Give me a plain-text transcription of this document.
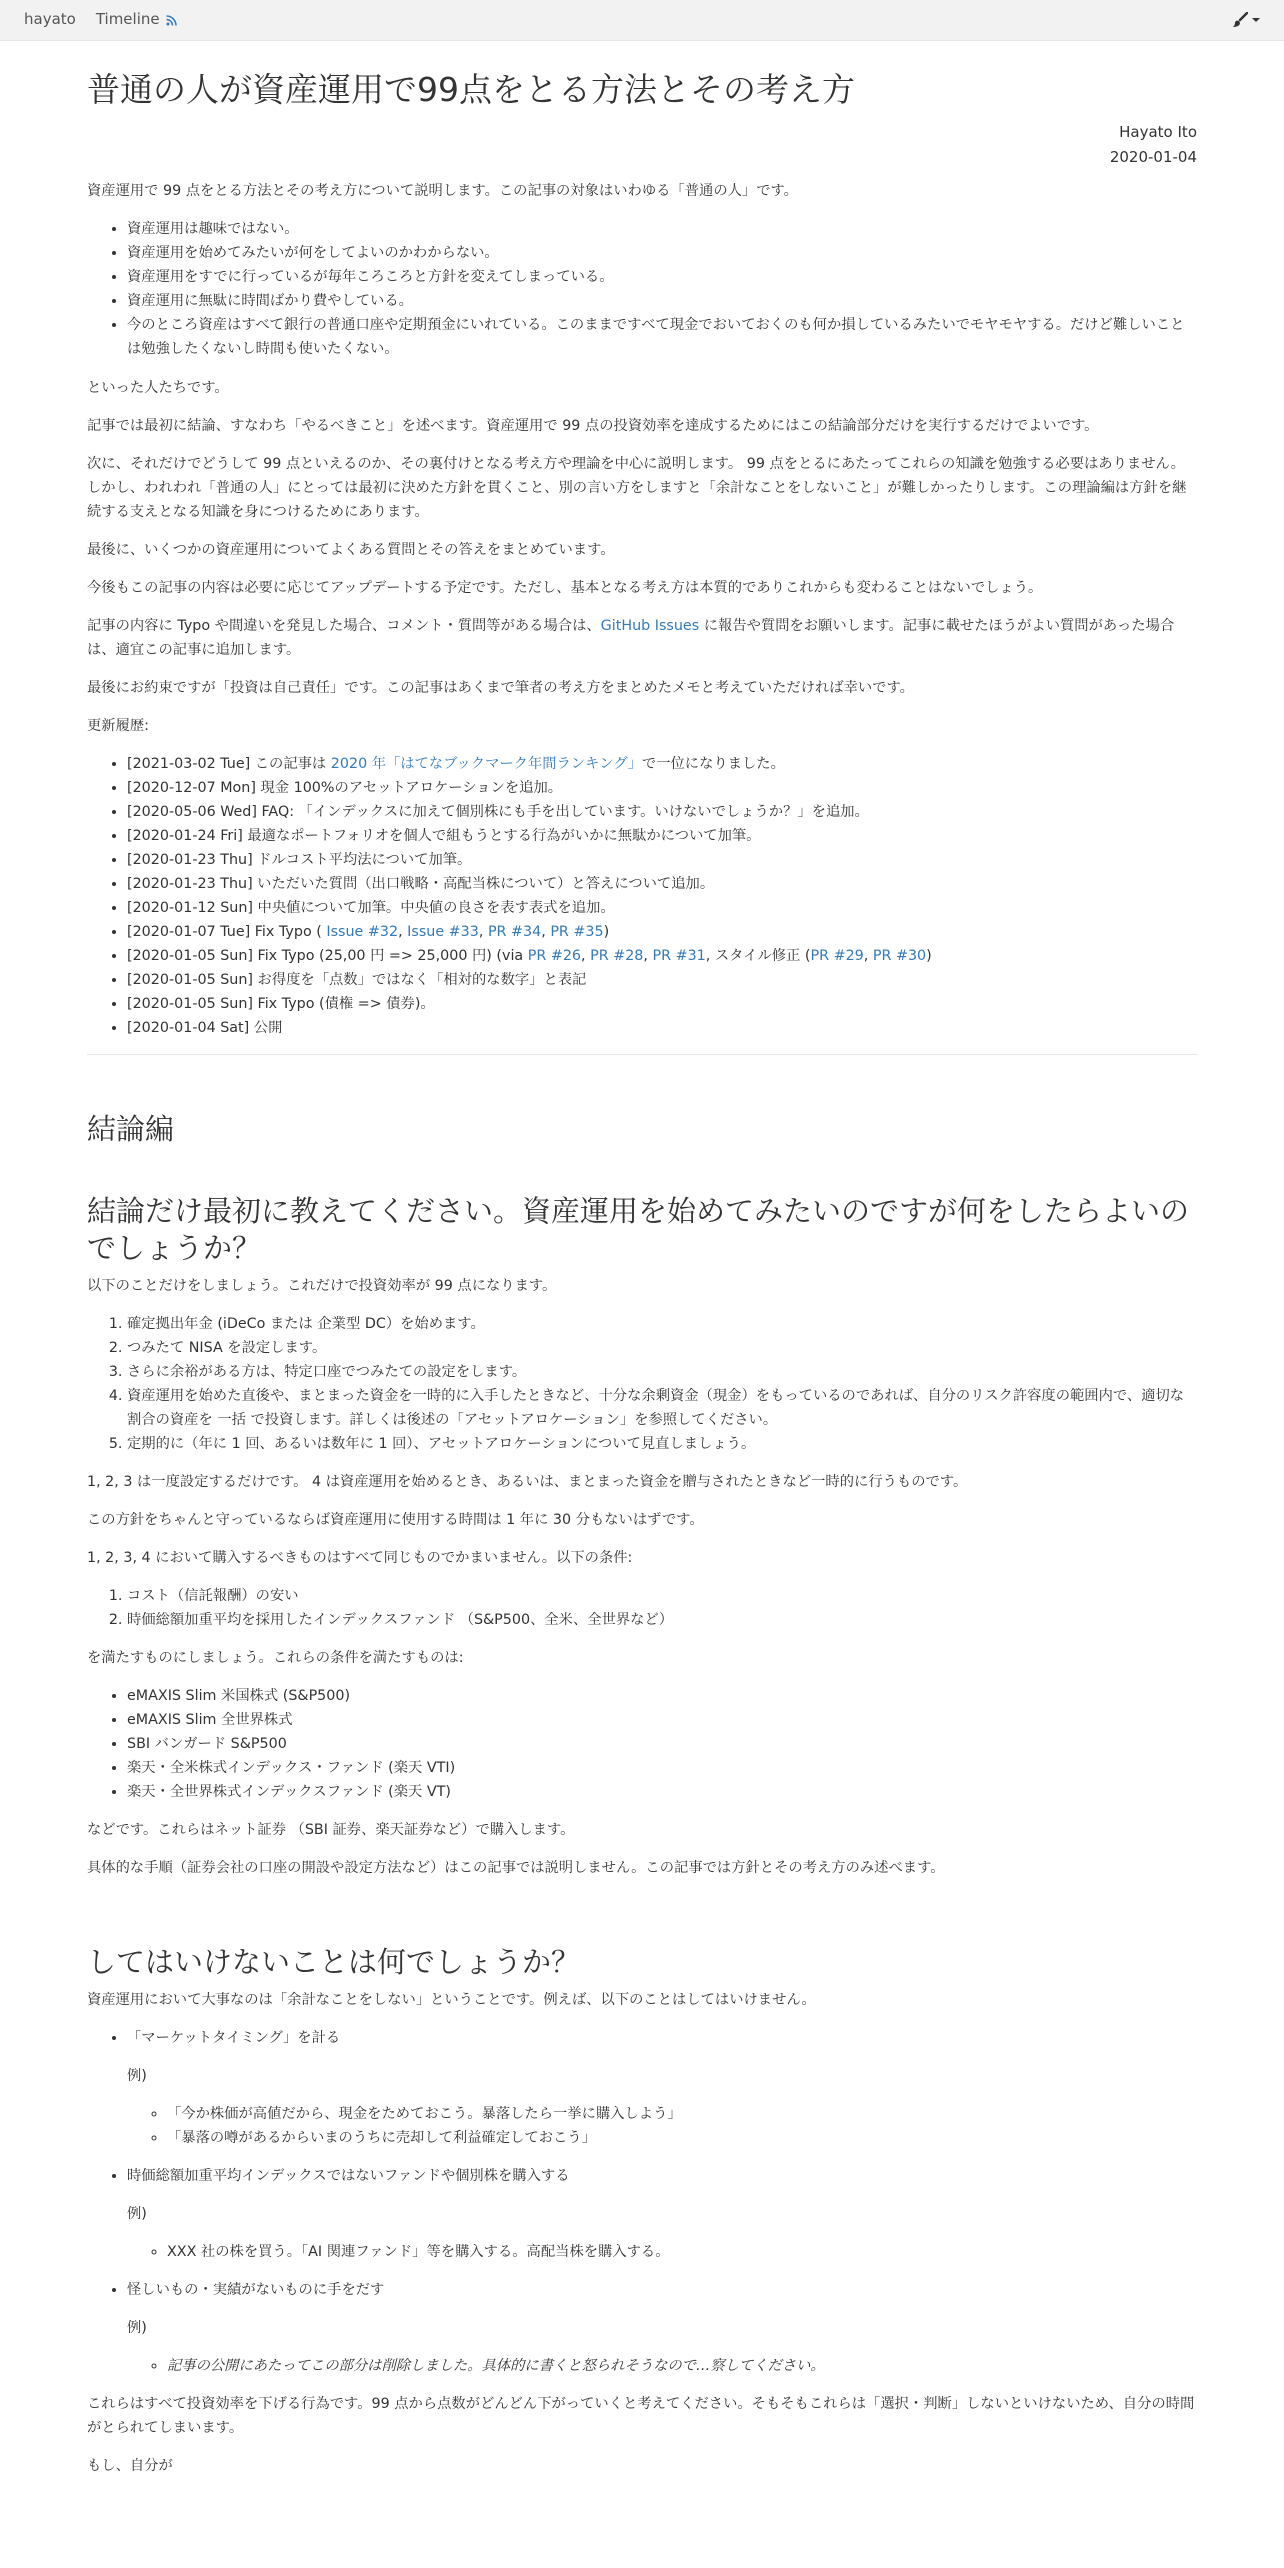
hayato Timeline
普通の人が資産運用で99点をとる方法とその考え方
Hayato Ito
2020-01-04

資産運用で 99 点をとる方法とその考え方について説明します。この記事の対象はいわゆる「普通の人」です。

• 資産運用は趣味ではない。
• 資産運用を始めてみたいが何をしてよいのかわからない。
• 資産運用をすでに行っているが毎年ころころと方針を変えてしまっている。
• 資産運用に無駄に時間ばかり費やしている。
• 今のところ資産はすべて銀行の普通口座や定期預金にいれている。このままですべて現金でおいておくのも何か損しているみたいでモヤモヤする。だけど難しいことは勉強したくないし時間も使いたくない。

といった人たちです。

記事では最初に結論、すなわち「やるべきこと」を述べます。資産運用で 99 点の投資効率を達成するためにはこの結論部分だけを実行するだけでよいです。

次に、それだけでどうして 99 点といえるのか、その裏付けとなる考え方や理論を中心に説明します。 99 点をとるにあたってこれらの知識を勉強する必要はありません。しかし、われわれ「普通の人」にとっては最初に決めた方針を貫くこと、別の言い方をしますと「余計なことをしないこと」が難しかったりします。この理論編は方針を継続する支えとなる知識を身につけるためにあります。

最後に、いくつかの資産運用についてよくある質問とその答えをまとめています。

今後もこの記事の内容は必要に応じてアップデートする予定です。ただし、基本となる考え方は本質的でありこれからも変わることはないでしょう。

記事の内容に Typo や間違いを発見した場合、コメント・質問等がある場合は、GitHub Issues に報告や質問をお願いします。記事に載せたほうがよい質問があった場合は、適宜この記事に追加します。

最後にお約束ですが「投資は自己責任」です。この記事はあくまで筆者の考え方をまとめたメモと考えていただければ幸いです。

更新履歴:

• [2021-03-02 Tue] この記事は 2020 年「はてなブックマーク年間ランキング」で一位になりました。
• [2020-12-07 Mon] 現金 100%のアセットアロケーションを追加。
• [2020-05-06 Wed] FAQ: 「インデックスに加えて個別株にも手を出しています。いけないでしょうか？」を追加。
• [2020-01-24 Fri] 最適なポートフォリオを個人で組もうとする行為がいかに無駄かについて加筆。
• [2020-01-23 Thu] ドルコスト平均法について加筆。
• [2020-01-23 Thu] いただいた質問（出口戦略・高配当株について）と答えについて追加。
• [2020-01-12 Sun] 中央値について加筆。中央値の良さを表す表式を追加。
• [2020-01-07 Tue] Fix Typo ( Issue #32, Issue #33, PR #34, PR #35)
• [2020-01-05 Sun] Fix Typo (25,00 円 => 25,000 円) (via PR #26, PR #28, PR #31, スタイル修正 (PR #29, PR #30)
• [2020-01-05 Sun] お得度を「点数」ではなく「相対的な数字」と表記
• [2020-01-05 Sun] Fix Typo (債権 => 債券)。
• [2020-01-04 Sat] 公開
結論編
結論だけ最初に教えてください。資産運用を始めてみたいのですが何をしたらよいのでしょうか？

以下のことだけをしましょう。これだけで投資効率が 99 点になります。

1. 確定拠出年金 (iDeCo または 企業型 DC）を始めます。
2. つみたて NISA を設定します。
3. さらに余裕がある方は、特定口座でつみたての設定をします。
4. 資産運用を始めた直後や、まとまった資金を一時的に入手したときなど、十分な余剰資金（現金）をもっているのであれば、自分のリスク許容度の範囲内で、適切な割合の資産を 一括 で投資します。詳しくは後述の「アセットアロケーション」を参照してください。
5. 定期的に（年に 1 回、あるいは数年に 1 回）、アセットアロケーションについて見直しましょう。

1, 2, 3 は一度設定するだけです。 4 は資産運用を始めるとき、あるいは、まとまった資金を贈与されたときなど一時的に行うものです。

この方針をちゃんと守っているならば資産運用に使用する時間は 1 年に 30 分もないはずです。

1, 2, 3, 4 において購入するべきものはすべて同じものでかまいません。以下の条件:

1. コスト（信託報酬）の安い
2. 時価総額加重平均を採用したインデックスファンド （S&P500、全米、全世界など）

を満たすものにしましょう。これらの条件を満たすものは:

• eMAXIS Slim 米国株式 (S&P500)
• eMAXIS Slim 全世界株式
• SBI バンガード S&P500
• 楽天・全米株式インデックス・ファンド (楽天 VTI)
• 楽天・全世界株式インデックスファンド (楽天 VT)

などです。これらはネット証券 （SBI 証券、楽天証券など）で購入します。

具体的な手順（証券会社の口座の開設や設定方法など）はこの記事では説明しません。この記事では方針とその考え方のみ述べます。

してはいけないことは何でしょうか？

資産運用において大事なのは「余計なことをしない」ということです。例えば、以下のことはしてはいけません。

• 「マーケットタイミング」を計る

例)

◦ 「今か株価が高値だから、現金をためておこう。暴落したら一挙に購入しよう」
◦ 「暴落の噂があるからいまのうちに売却して利益確定しておこう」

• 時価総額加重平均インデックスではないファンドや個別株を購入する

例)

◦ XXX 社の株を買う。「AI 関連ファンド」等を購入する。高配当株を購入する。

• 怪しいもの・実績がないものに手をだす

例)

◦ 記事の公開にあたってこの部分は削除しました。具体的に書くと怒られそうなので…察してください。

これらはすべて投資効率を下げる行為です。99 点から点数がどんどん下がっていくと考えてください。そもそもこれらは「選択・判断」しないといけないため、自分の時間がとられてしまいます。

もし、自分が
